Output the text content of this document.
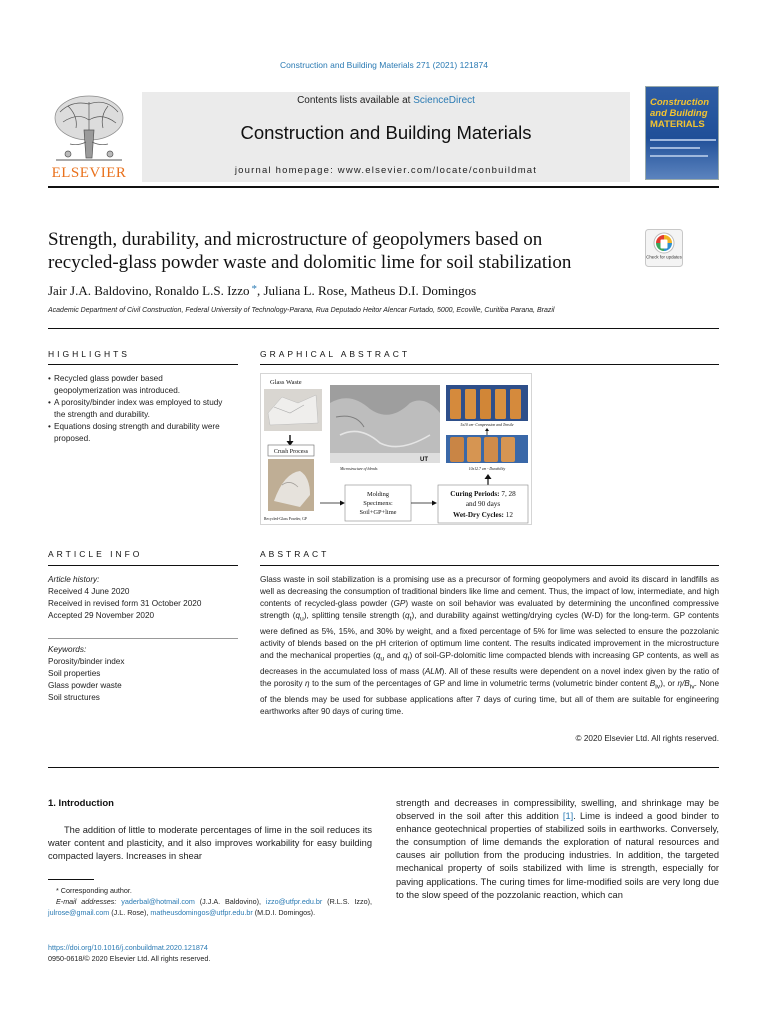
Construction and Building Materials 271 (2021) 121874
ELSEVIER
Contents lists available at ScienceDirect
Construction and Building Materials
journal homepage: www.elsevier.com/locate/conbuildmat
Construction
and Building
MATERIALS
Strength, durability, and microstructure of geopolymers based on
recycled-glass powder waste and dolomitic lime for soil stabilization	Check for updates
Jair J.A. Baldovino, Ronaldo L.S. Izzo *, Juliana L. Rose, Matheus D.I. Domingos
Academic Department of Civil Construction, Federal University of Technology-Parana, Rua Deputado Heitor Alencar Furtado, 5000, Ecoville, Curitiba Parana, Brazil
HIGHLIGHTS
• Recycled glass powder based geopolymerization was introduced.
• A porosity/binder index was employed to study the strength and durability.
• Equations dosing strength and durability were proposed.
GRAPHICAL ABSTRACT
Glass Waste
Crush Process
Recycled-Glass Powder, GP
UT
Microstructure of blends
5x10 cm- Compression and Tensile
10x12.7 cm - Durability
Molding
Specimens:
Soil+GP+lime
Curing Periods: 7, 28
and 90 days
Wet-Dry Cycles: 12
ARTICLE INFO
Article history:
Received 4 June 2020
Received in revised form 31 October 2020
Accepted 29 November 2020
Keywords:
Porosity/binder index
Soil properties
Glass powder waste
Soil structures
ABSTRACT
Glass waste in soil stabilization is a promising use as a precursor of forming geopolymers and avoid its discard in landfills as well as decreasing the consumption of traditional binders like lime and cement. Thus, the impact of low, intermediate, and high contents of recycled-glass powder (GP) waste on soil behavior was evaluated by determining the unconfined compressive strength $(q_u)$, splitting tensile strength $(q_t)$, and durability against wetting/drying cycles (W-D) for the long-term. GP contents were defined as 5%, 15%, and 30% by weight, and a fixed percentage of 5% for lime was selected to ensure the pozzolanic activity of blends based on the pH criterion of optimum lime content. The results indicated improvement in the microstructure and the mechanical properties ($q_u$ and $q_t$) of soil-GP-dolomitic lime compacted blends with increasing GP contents, as well as decreases in the accumulated loss of mass (ALM). All of these results were dependent on a novel index given by the ratio of the porosity η to the sum of the percentages of GP and lime in volumetric terms (volumetric binder content $B_{iv}$), or $\eta/B_{iv}$. None of the blends may be used for subbase applications after 7 days of curing time, but all of them are suitable for engineering earthworks after 90 days of curing time.
© 2020 Elsevier Ltd. All rights reserved.
1. Introduction
The addition of little to moderate percentages of lime in the soil reduces its water content and plasticity, and it also improves workability for easy building compacted layers. Increases in shear
strength and decreases in compressibility, swelling, and shrinkage may be observed in the soil after this addition [1]. Lime is indeed a good binder to enhance geotechnical properties of stabilized soils in earthworks. Conversely, the consumption of lime demands the exploration of natural resources and causes air pollution from the producing industries. In addition, the targeted mechanical property of soils stabilized with lime is strength, especially for paving applications. The curing times for lime-modified soils are very long due to the slow speed of the pozzolanic reaction, which can
* Corresponding author.
E-mail addresses: yaderbal@hotmail.com (J.J.A. Baldovino), izzo@utfpr.edu.br (R.L.S. Izzo), julrose@gmail.com (J.L. Rose), matheusdomingos@utfpr.edu.br (M.D.I. Domingos).
https://doi.org/10.1016/j.conbuildmat.2020.121874
0950-0618/© 2020 Elsevier Ltd. All rights reserved.
